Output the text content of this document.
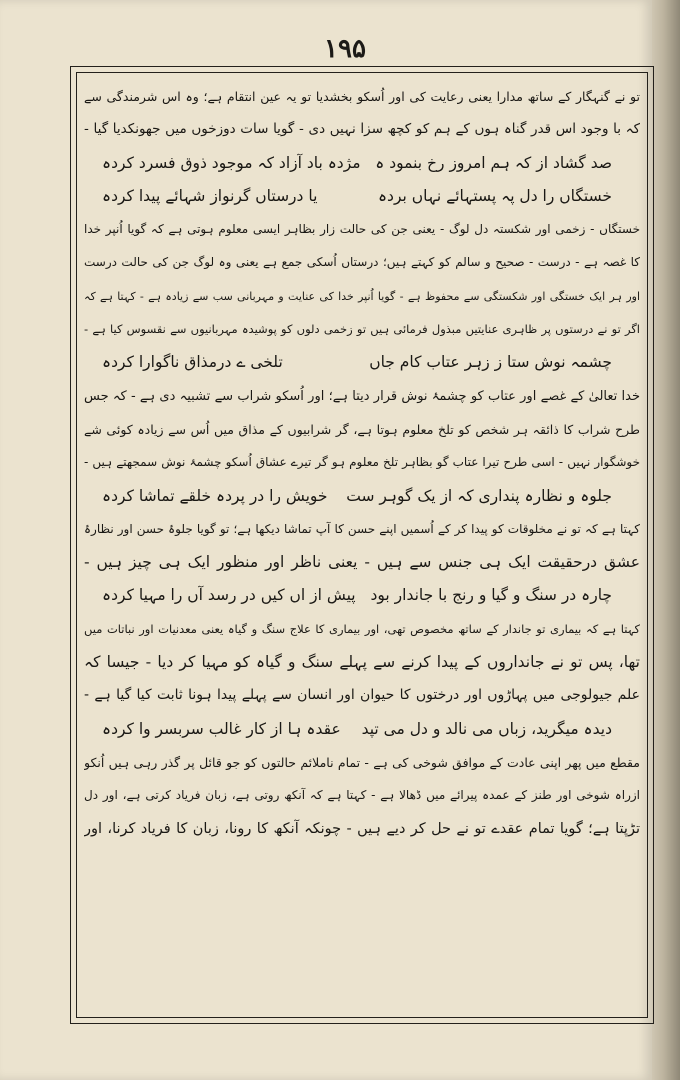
۱۹۵
تو نے گنہگار کے ساتھ مدارا یعنی رعایت کی اور اُسکو بخشدیا تو یہ عین انتقام ہے؛ وہ اس شرمندگی سے
کہ با وجود اس قدر گناہ ہوں کے ہم کو کچھ سزا نہیں دی - گویا سات دوزخوں میں جھونکدیا گیا -
صد گشاد از کہ ہم امروز رخ بنمود ہ
مژدہ باد آزاد کہ موجود ذوق فسرد کردہ
خستگاں را دل پہ پستہائے نہاں بردہ
یا درستاں گرنواز شہائے پیدا کردہ
خستگاں - زخمی اور شکستہ دل لوگ - یعنی جن کی حالت زار بظاہر ایسی معلوم ہوتی ہے کہ گویا اُنپر خدا
کا غصہ ہے - درست - صحیح و سالم کو کہتے ہیں؛ درستاں اُسکی جمع ہے یعنی وہ لوگ جن کی حالت درست
اور ہر ایک خستگی اور شکستگی سے محفوظ ہے - گویا اُنپر خدا کی عنایت و مہربانی سب سے زیادہ ہے - کہتا ہے کہ
اگر تو نے درستوں پر ظاہری عنایتیں مبذول فرمائی ہیں تو زخمی دلوں کو پوشیدہ مہربانیوں سے نقسوس کیا ہے -
چشمہ نوش ستا ز زہر عتاب کام جاں
تلخی ے درمذاق ناگوارا کردہ
خدا تعالیٰ کے غصے اور عتاب کو چشمۂ نوش قرار دیتا ہے؛ اور اُسکو شراب سے تشبیہ دی ہے - کہ جس
طرح شراب کا ذائقہ ہر شخص کو تلخ معلوم ہوتا ہے، گر شرابیوں کے مذاق میں اُس سے زیادہ کوئی شے
خوشگوار نہیں - اسی طرح تیرا عتاب گو بظاہر تلخ معلوم ہو گر تیرے عشاق اُسکو چشمۂ نوش سمجھتے ہیں -
جلوہ و نظارہ پنداری کہ از یک گوہر ست
خویش را در پردہ خلقے تماشا کردہ
کہتا ہے کہ تو نے مخلوقات کو پیدا کر کے اُسمیں اپنے حسن کا آپ تماشا دیکھا ہے؛ تو گویا جلوۂ حسن اور نظارۂ
عشق درحقیقت ایک ہی جنس سے ہیں - یعنی ناظر اور منظور ایک ہی چیز ہیں -
چارہ در سنگ و گیا و رنج با جاندار بود
پیش از اں کیں در رسد آں را مہیا کردہ
کہتا ہے کہ بیماری تو جاندار کے ساتھ مخصوص تھی، اور بیماری کا علاج سنگ و گیاہ یعنی معدنیات اور نباتات میں
تھا، پس تو نے جانداروں کے پیدا کرنے سے پہلے سنگ و گیاہ کو مہیا کر دیا - جیسا کہ
علم جیولوجی میں پہاڑوں اور درختوں کا حیوان اور انسان سے پہلے پیدا ہونا ثابت کیا گیا ہے -
دیدہ میگرید، زباں می نالد و دل می تپد
عقدہ ہا از کار غالب سربسر وا کردہ
مقطع میں پھر اپنی عادت کے موافق شوخی کی ہے - تمام ناملائم حالتوں کو جو قائل پر گذر رہی ہیں اُنکو
ازراہ شوخی اور طنز کے عمدہ پیرائے میں ڈھالا ہے - کہتا ہے کہ آنکھ روتی ہے، زبان فریاد کرتی ہے، اور دل
تڑپتا ہے؛ گویا تمام عقدے تو نے حل کر دیے ہیں - چونکہ آنکھ کا رونا، زبان کا فریاد کرنا، اور
